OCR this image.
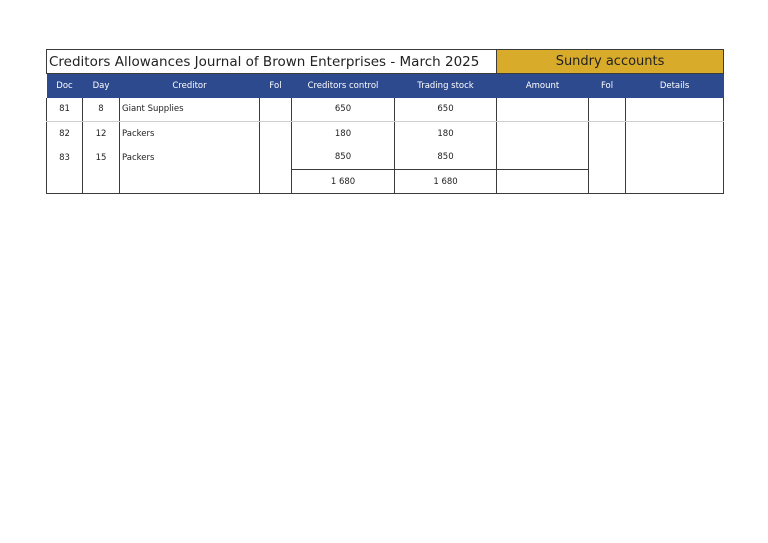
Creditors Allowances Journal of Brown Enterprises - March 2025						Sundry accounts		
Doc	Day	Creditor	Fol	Creditors control	Trading stock	Amount	Fol	Details
81	8	Giant Supplies		650	650			
82	12	Packers		180	180			
83	15	Packers		850	850			
				1 680	1 680			
